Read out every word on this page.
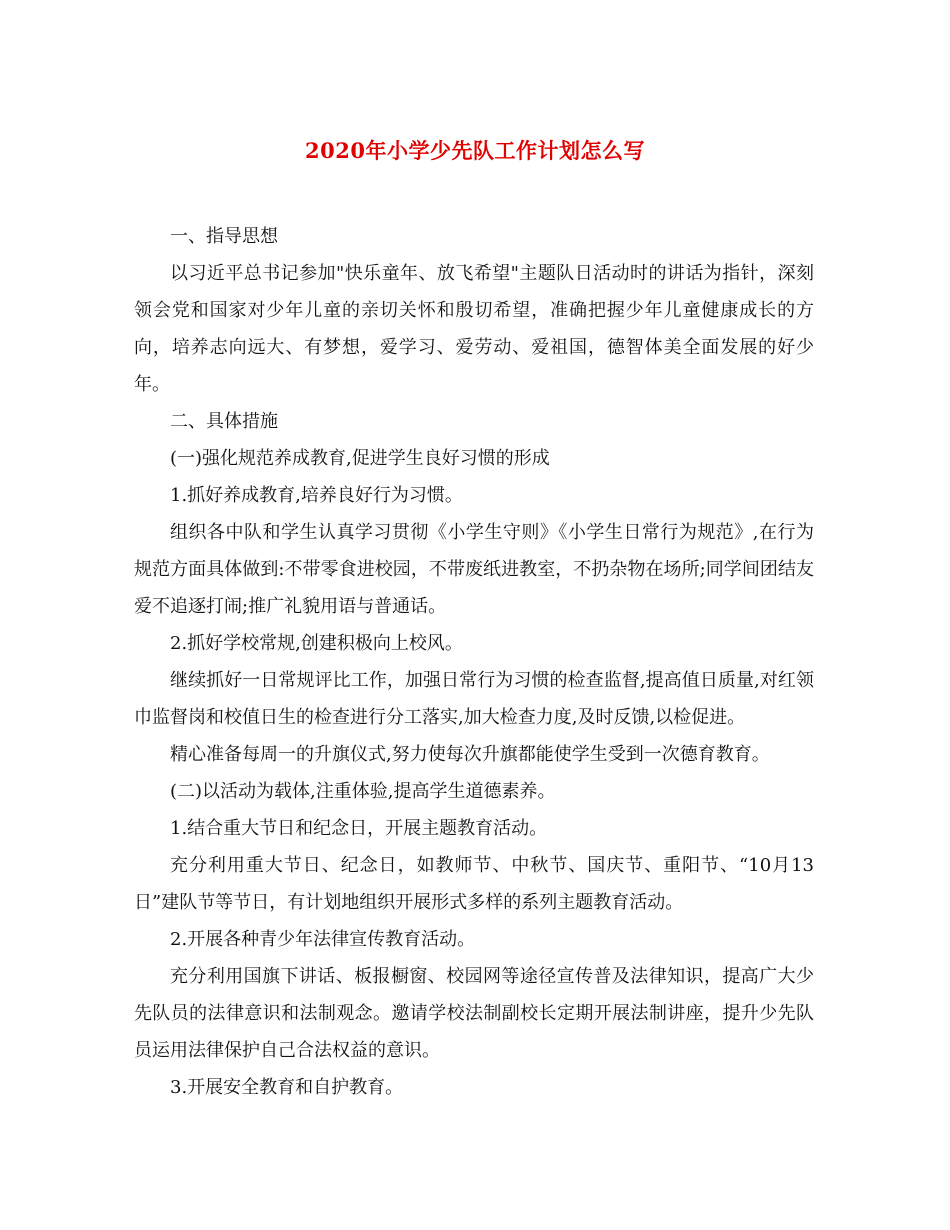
2020年小学少先队工作计划怎么写

一、指导思想

以习近平总书记参加"快乐童年、放飞希望"主题队日活动时的讲话为指针，深刻领会党和国家对少年儿童的亲切关怀和殷切希望，准确把握少年儿童健康成长的方向，培养志向远大、有梦想，爱学习、爱劳动、爱祖国，德智体美全面发展的好少年。

二、具体措施

(一)强化规范养成教育,促进学生良好习惯的形成

1.抓好养成教育,培养良好行为习惯。

组织各中队和学生认真学习贯彻《小学生守则》《小学生日常行为规范》,在行为规范方面具体做到:不带零食进校园，不带废纸进教室，不扔杂物在场所;同学间团结友爱不追逐打闹;推广礼貌用语与普通话。

2.抓好学校常规,创建积极向上校风。

继续抓好一日常规评比工作，加强日常行为习惯的检查监督,提高值日质量,对红领巾监督岗和校值日生的检查进行分工落实,加大检查力度,及时反馈,以检促进。

精心准备每周一的升旗仪式,努力使每次升旗都能使学生受到一次德育教育。

(二)以活动为载体,注重体验,提高学生道德素养。

1.结合重大节日和纪念日，开展主题教育活动。

充分利用重大节日、纪念日，如教师节、中秋节、国庆节、重阳节、“10月13日”建队节等节日，有计划地组织开展形式多样的系列主题教育活动。

2.开展各种青少年法律宣传教育活动。

充分利用国旗下讲话、板报橱窗、校园网等途径宣传普及法律知识，提高广大少先队员的法律意识和法制观念。邀请学校法制副校长定期开展法制讲座，提升少先队员运用法律保护自己合法权益的意识。

3.开展安全教育和自护教育。
